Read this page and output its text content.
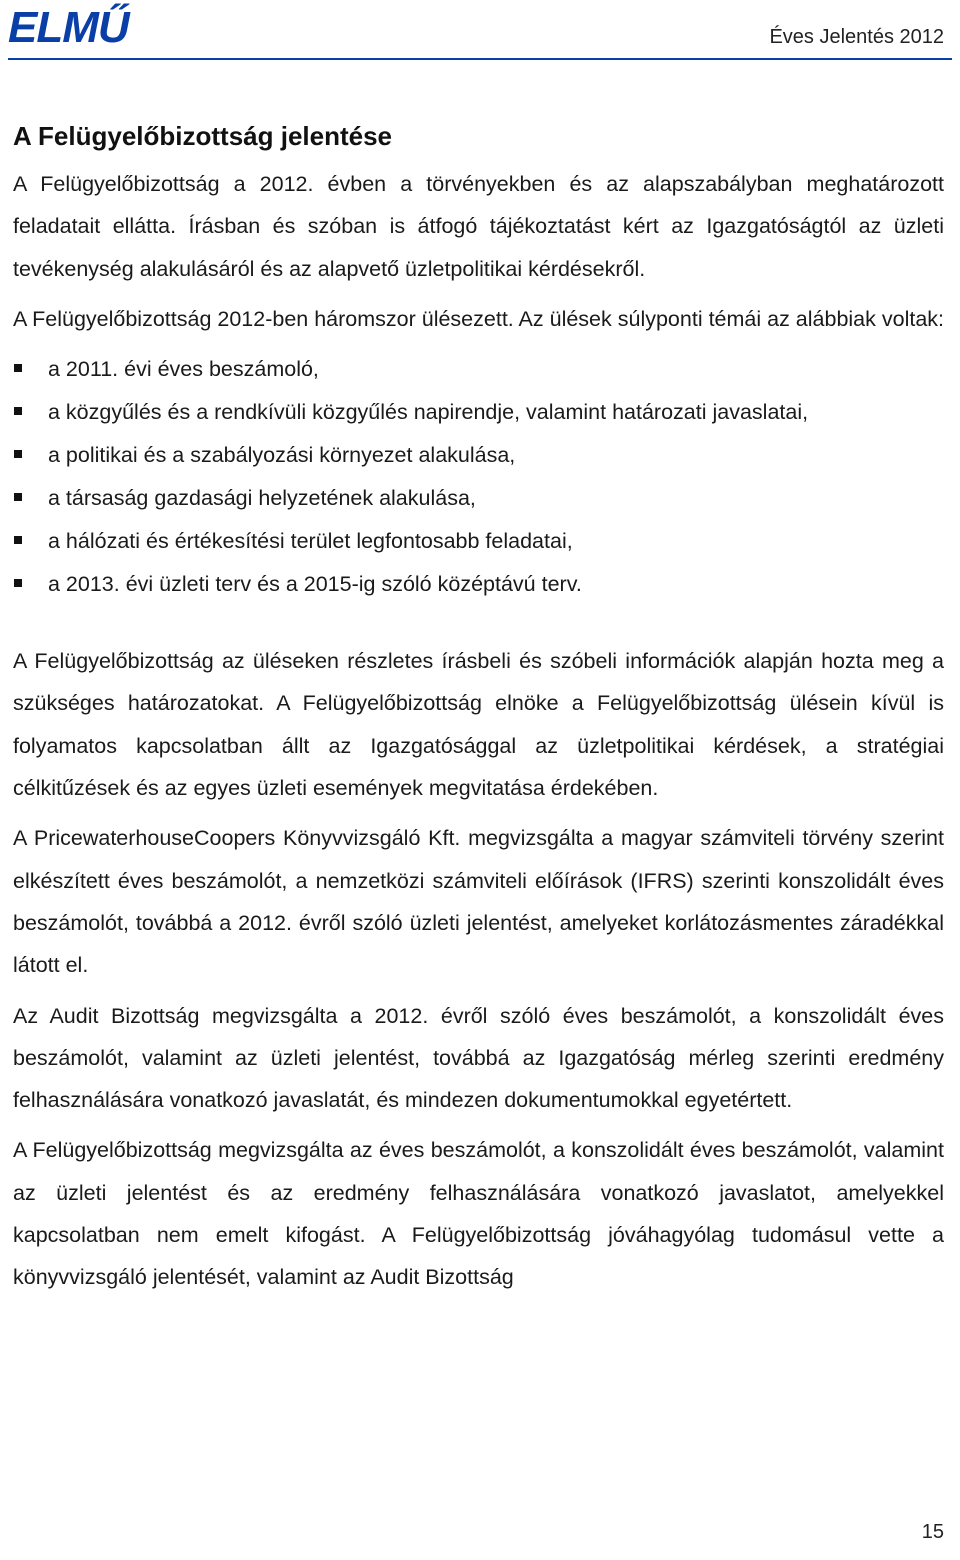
ELMŰ	Éves Jelentés 2012
A Felügyelőbizottság jelentése

A Felügyelőbizottság a 2012. évben a törvényekben és az alapszabályban meghatározott feladatait ellátta. Írásban és szóban is átfogó tájékoztatást kért az Igazgatóságtól az üzleti tevékenység alakulásáról és az alapvető üzletpolitikai kérdésekről.

A Felügyelőbizottság 2012-ben háromszor ülésezett. Az ülések súlyponti témái az alábbiak voltak:

a 2011. évi éves beszámoló,
a közgyűlés és a rendkívüli közgyűlés napirendje, valamint határozati javaslatai,
a politikai és a szabályozási környezet alakulása,
a társaság gazdasági helyzetének alakulása,
a hálózati és értékesítési terület legfontosabb feladatai,
a 2013. évi üzleti terv és a 2015-ig szóló középtávú terv.

A Felügyelőbizottság az üléseken részletes írásbeli és szóbeli információk alapján hozta meg a szükséges határozatokat. A Felügyelőbizottság elnöke a Felügyelőbizottság ülésein kívül is folyamatos kapcsolatban állt az Igazgatósággal az üzletpolitikai kérdések, a stratégiai célkitűzések és az egyes üzleti események megvitatása érdekében.

A PricewaterhouseCoopers Könyvvizsgáló Kft. megvizsgálta a magyar számviteli törvény szerint elkészített éves beszámolót, a nemzetközi számviteli előírások (IFRS) szerinti konszolidált éves beszámolót, továbbá a 2012. évről szóló üzleti jelentést, amelyeket korlátozásmentes záradékkal látott el.

Az Audit Bizottság megvizsgálta a 2012. évről szóló éves beszámolót, a konszolidált éves beszámolót, valamint az üzleti jelentést, továbbá az Igazgatóság mérleg szerinti eredmény felhasználására vonatkozó javaslatát, és mindezen dokumentumokkal egyetértett.

A Felügyelőbizottság megvizsgálta az éves beszámolót, a konszolidált éves beszámolót, valamint az üzleti jelentést és az eredmény felhasználására vonatkozó javaslatot, amelyekkel kapcsolatban nem emelt kifogást. A Felügyelőbizottság jóváhagyólag tudomásul vette a könyvvizsgáló jelentését, valamint az Audit Bizottság

15
